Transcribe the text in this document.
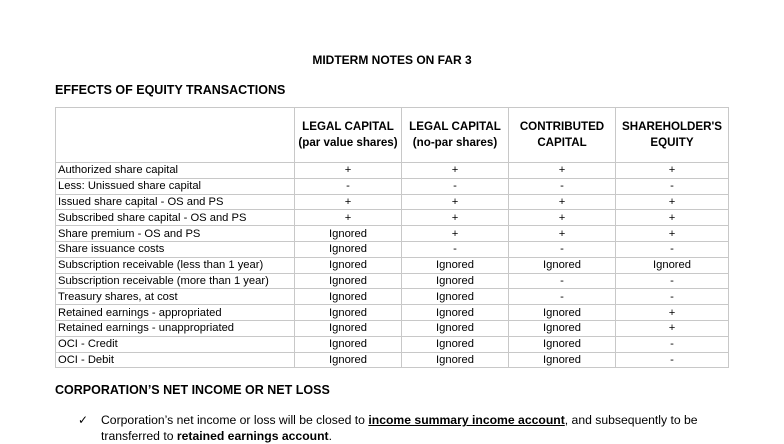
MIDTERM NOTES ON FAR 3
EFFECTS OF EQUITY TRANSACTIONS
	LEGAL CAPITAL (par value shares)	LEGAL CAPITAL (no-par shares)	CONTRIBUTED CAPITAL	SHAREHOLDER'S EQUITY
Authorized share capital	+	+	+	+
Less: Unissued share capital	-	-	-	-
Issued share capital - OS and PS	+	+	+	+
Subscribed share capital - OS and PS	+	+	+	+
Share premium - OS and PS	Ignored	+	+	+
Share issuance costs	Ignored	-	-	-
Subscription receivable (less than 1 year)	Ignored	Ignored	Ignored	Ignored
Subscription receivable (more than 1 year)	Ignored	Ignored	-	-
Treasury shares, at cost	Ignored	Ignored	-	-
Retained earnings - appropriated	Ignored	Ignored	Ignored	+
Retained earnings - unappropriated	Ignored	Ignored	Ignored	+
OCI - Credit	Ignored	Ignored	Ignored	-
OCI - Debit	Ignored	Ignored	Ignored	-
CORPORATION’S NET INCOME OR NET LOSS
✓	Corporation’s net income or loss will be closed to income summary income account, and subsequently to be transferred to retained earnings account.
